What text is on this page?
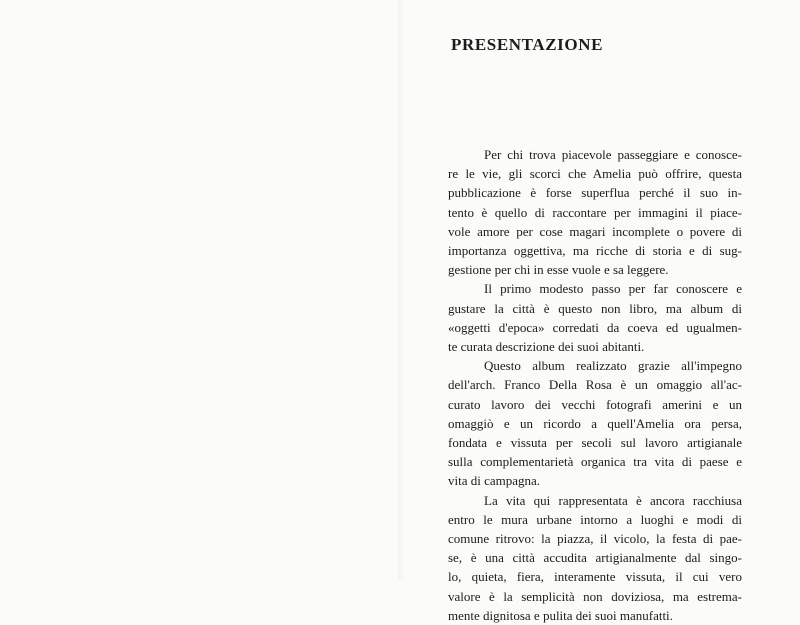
PRESENTAZIONE

Per chi trova piacevole passeggiare e conosce-
re le vie, gli scorci che Amelia può offrire, questa
pubblicazione è forse superflua perché il suo in-
tento è quello di raccontare per immagini il piace-
vole amore per cose magari incomplete o povere di
importanza oggettiva, ma ricche di storia e di sug-
gestione per chi in esse vuole e sa leggere.

Il primo modesto passo per far conoscere e
gustare la città è questo non libro, ma album di
«oggetti d'epoca» corredati da coeva ed ugualmen-
te curata descrizione dei suoi abitanti.

Questo album realizzato grazie all'impegno
dell'arch. Franco Della Rosa è un omaggio all'ac-
curato lavoro dei vecchi fotografi amerini e un
omaggiò e un ricordo a quell'Amelia ora persa,
fondata e vissuta per secoli sul lavoro artigianale
sulla complementarietà organica tra vita di paese e
vita di campagna.

La vita qui rappresentata è ancora racchiusa
entro le mura urbane intorno a luoghi e modi di
comune ritrovo: la piazza, il vicolo, la festa di pae-
se, è una città accudita artigianalmente dal singo-
lo, quieta, fiera, interamente vissuta, il cui vero
valore è la semplicità non doviziosa, ma estrema-
mente dignitosa e pulita dei suoi manufatti.
